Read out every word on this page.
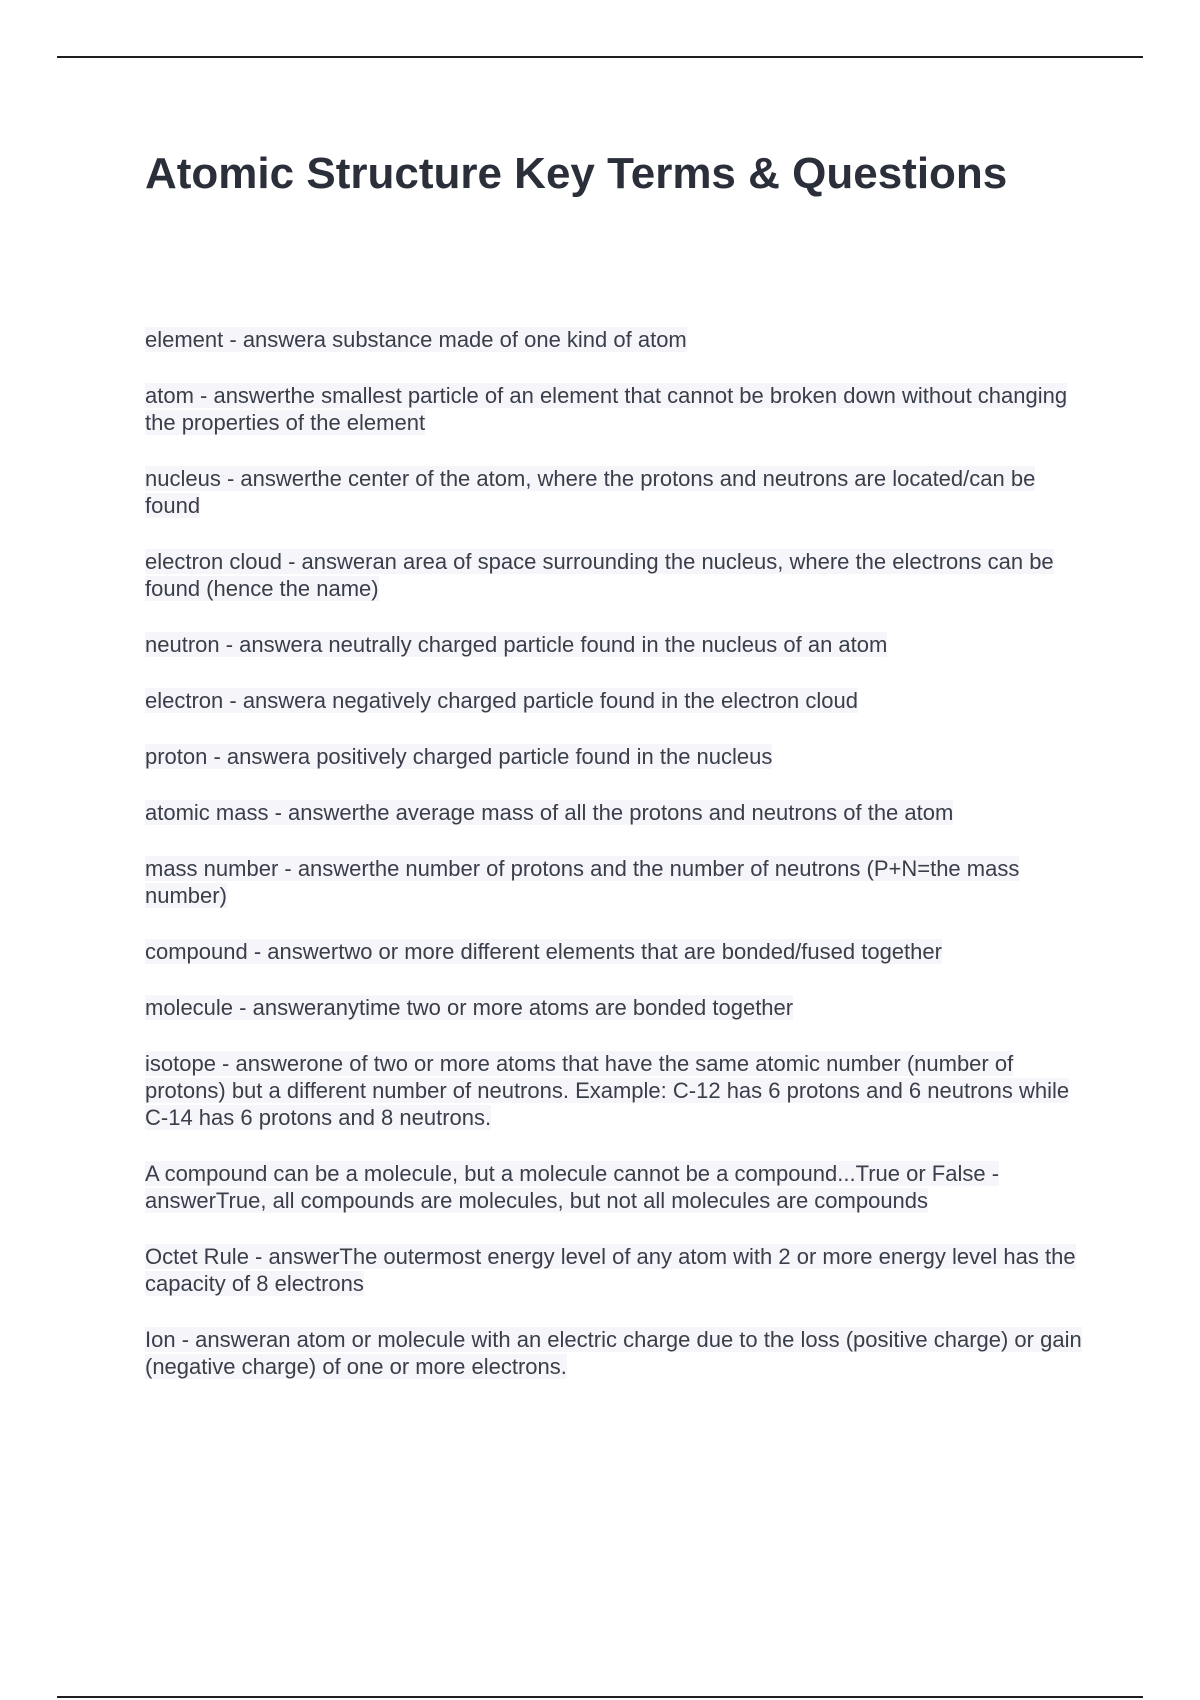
Atomic Structure Key Terms & Questions

element - answera substance made of one kind of atom

atom - answerthe smallest particle of an element that cannot be broken down without changing the properties of the element

nucleus - answerthe center of the atom, where the protons and neutrons are located/can be found

electron cloud - answeran area of space surrounding the nucleus, where the electrons can be found (hence the name)

neutron - answera neutrally charged particle found in the nucleus of an atom

electron - answera negatively charged particle found in the electron cloud

proton - answera positively charged particle found in the nucleus

atomic mass - answerthe average mass of all the protons and neutrons of the atom

mass number - answerthe number of protons and the number of neutrons (P+N=the mass number)

compound - answertwo or more different elements that are bonded/fused together

molecule - answeranytime two or more atoms are bonded together

isotope - answerone of two or more atoms that have the same atomic number (number of protons) but a different number of neutrons. Example: C-12 has 6 protons and 6 neutrons while C-14 has 6 protons and 8 neutrons.

A compound can be a molecule, but a molecule cannot be a compound...True or False - answerTrue, all compounds are molecules, but not all molecules are compounds

Octet Rule - answerThe outermost energy level of any atom with 2 or more energy level has the capacity of 8 electrons

Ion - answeran atom or molecule with an electric charge due to the loss (positive charge) or gain (negative charge) of one or more electrons.
